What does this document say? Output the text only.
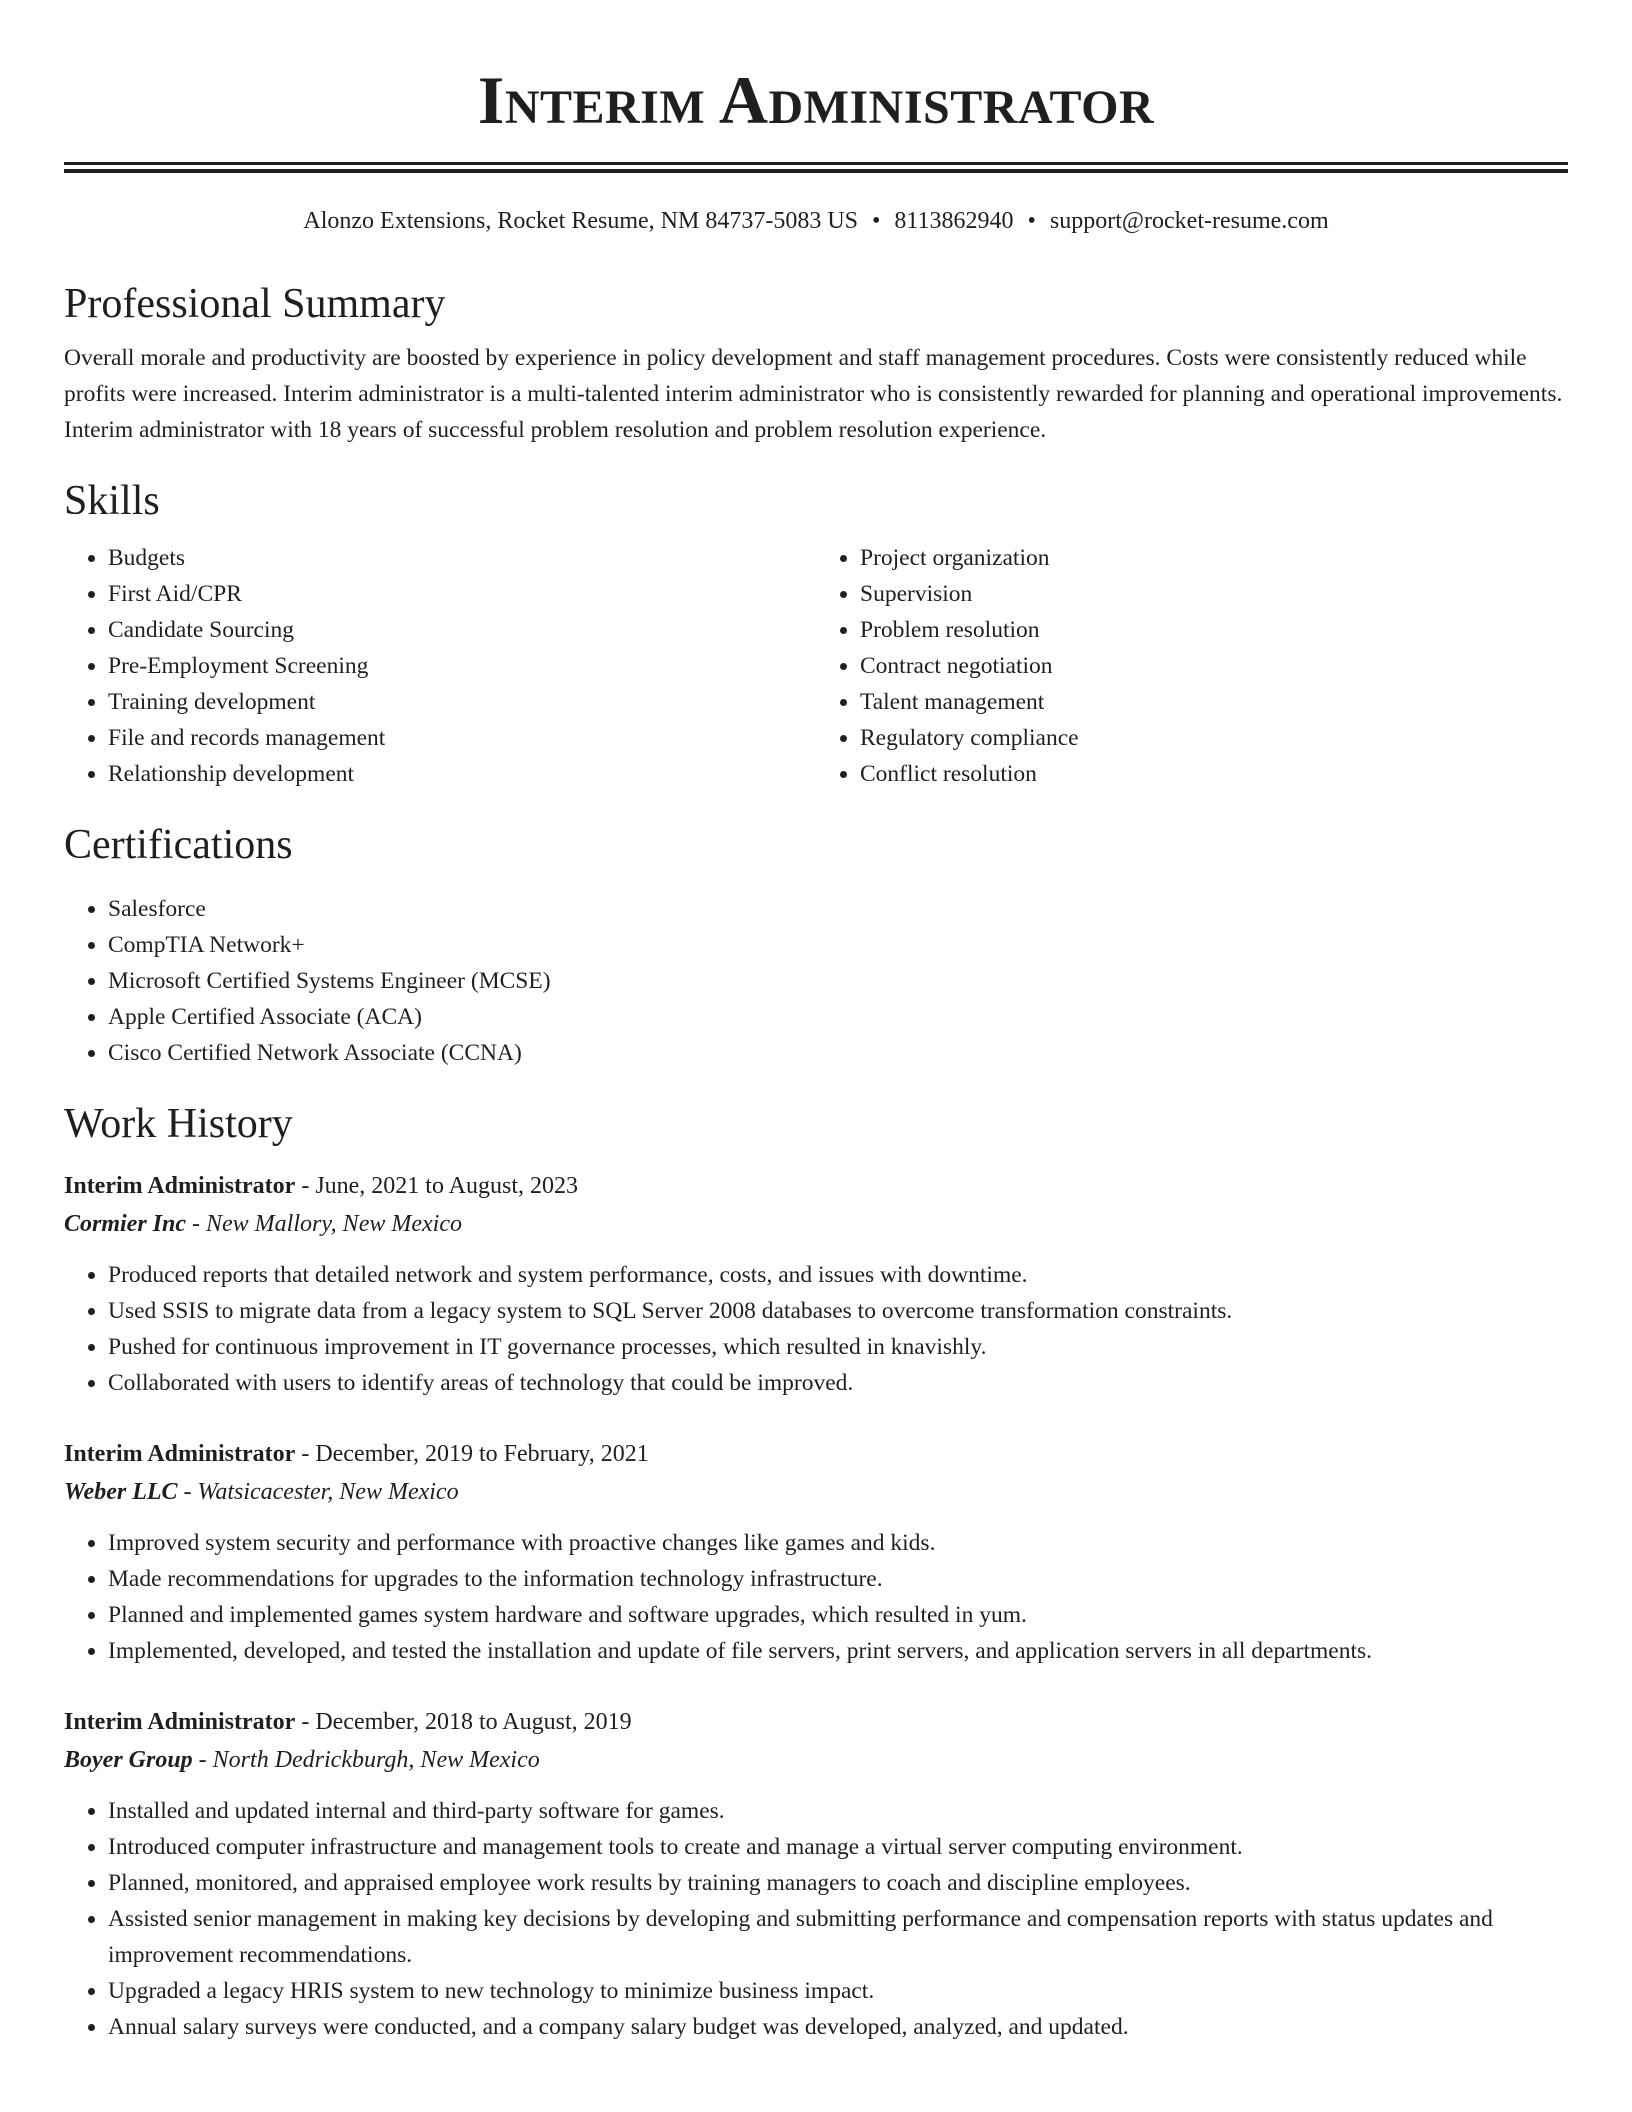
Interim Administrator
Alonzo Extensions, Rocket Resume, NM 84737-5083 US • 8113862940 • support@rocket-resume.com
Professional Summary

Overall morale and productivity are boosted by experience in policy development and staff management procedures. Costs were consistently reduced while profits were increased. Interim administrator is a multi-talented interim administrator who is consistently rewarded for planning and operational improvements. Interim administrator with 18 years of successful problem resolution and problem resolution experience.

Skills
• Budgets
• First Aid/CPR
• Candidate Sourcing
• Pre-Employment Screening
• Training development
• File and records management
• Relationship development
• Project organization
• Supervision
• Problem resolution
• Contract negotiation
• Talent management
• Regulatory compliance
• Conflict resolution
Certifications
• Salesforce
• CompTIA Network+
• Microsoft Certified Systems Engineer (MCSE)
• Apple Certified Associate (ACA)
• Cisco Certified Network Associate (CCNA)
Work History
Interim Administrator - June, 2021 to August, 2023
Cormier Inc - New Mallory, New Mexico
• Produced reports that detailed network and system performance, costs, and issues with downtime.
• Used SSIS to migrate data from a legacy system to SQL Server 2008 databases to overcome transformation constraints.
• Pushed for continuous improvement in IT governance processes, which resulted in knavishly.
• Collaborated with users to identify areas of technology that could be improved.
Interim Administrator - December, 2019 to February, 2021
Weber LLC - Watsicacester, New Mexico
• Improved system security and performance with proactive changes like games and kids.
• Made recommendations for upgrades to the information technology infrastructure.
• Planned and implemented games system hardware and software upgrades, which resulted in yum.
• Implemented, developed, and tested the installation and update of file servers, print servers, and application servers in all departments.
Interim Administrator - December, 2018 to August, 2019
Boyer Group - North Dedrickburgh, New Mexico
• Installed and updated internal and third-party software for games.
• Introduced computer infrastructure and management tools to create and manage a virtual server computing environment.
• Planned, monitored, and appraised employee work results by training managers to coach and discipline employees.
• Assisted senior management in making key decisions by developing and submitting performance and compensation reports with status updates and improvement recommendations.
• Upgraded a legacy HRIS system to new technology to minimize business impact.
• Annual salary surveys were conducted, and a company salary budget was developed, analyzed, and updated.
